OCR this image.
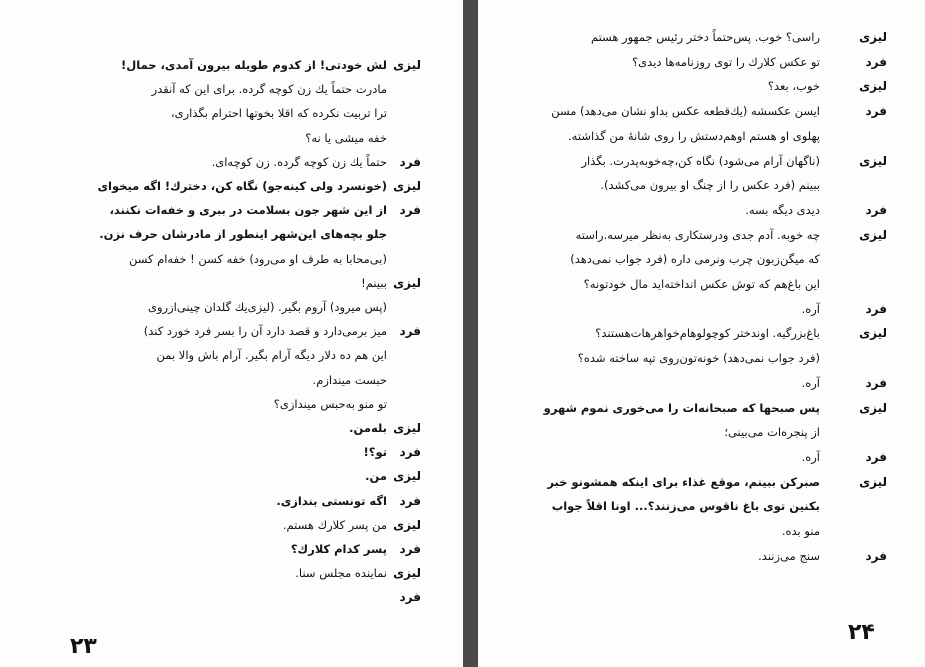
لیزی
لش خودتی! از کدوم طویله بیرون آمدی، حمال!
مادرت حتماً یك زن کوچه گرده. برای این که آنقدر
ترا تربیت نکرده که اقلا بخوتها احترام بگذاری،
خفه میشی یا نه؟
فرد
حتماً یك زن کوچه گرده. زن کوچه‌ای.
لیزی
(خونسرد ولی کینه‌جو) نگاه کن، دخترك! اگه میخوای
فرد
از این شهر جون بسلامت در ببری و خفه‌ات نکنند،
جلو بچه‌های این‌شهر اینطور از مادرشان حرف نزن.
(بی‌محابا به طرف او می‌رود) خفه کسن ! خفه‌ام کسن
لیزی
ببینم!
(پس میرود) آروم بگیر. (لیزی‌یك گلدان چینی‌ازروی
فرد
میز برمی‌دارد و قصد دارد آن را بسر فرد خورد کند)
این هم ده دلار دیگه آرام بگیر. آرام باش والا بمن
حبست میندازم.
تو منو به‌حبس میندازی؟
لیزی
بله‌من.
فرد
تو؟!
لیزی
من.
فرد
اگه تونستی بندازی.
لیزی
من پسر کلارك هستم.
فرد
پسر کدام کلارك؟
لیزی
نماینده مجلس سنا.
فرد
۲۳
لیزی
راسی؟ خوب. پس‌حتماً دختر رئیس جمهور هستم
فرد
تو عکس کلارك را توی روزنامه‌ها دیدی؟
لیزی
خوب، بعد؟
فرد
ایسن عکسشه (یك‌قطعه عکس بداو نشان می‌دهد) مسن
پهلوی او هستم اوهم‌دستش را روی شانهٔ من گذاشته.
لیزی
(ناگهان آرام می‌شود) نگاه کن،چه‌خوبه‌پدرت. بگذار
ببینم (فرد عکس را از چنگ او بیرون می‌کشد).
فرد
دیدی دیگه بسه.
لیزی
چه خوبه. آدم جدی ودرستکاری به‌نظر میرسه.راسته
که میگن‌زبون چرب ونرمی داره (فرد جواب نمی‌دهد)
این باغ‌هم که توش عکس انداخته‌اید مال خودتونه؟
فرد
آره.
لیزی
باغ‌بزرگیه. اوندختر کوچولو‌هام‌خواهرهات‌هستند؟
(فرد جواب نمی‌دهد) خونه‌تون‌روی تپه ساخته شده؟
فرد
آره.
لیزی
پس صبحها که صبحانه‌ات را می‌خوری نموم شهرو
از پنجره‌ات می‌بینی؛
فرد
آره.
لیزی
صبرکن ببینم، موقع غذاء برای اینکه همشونو خبر
بکنین توی باغ ناقوس می‌زنند؟... اونا اقلاً جواب
منو بده.
فرد
سنج می‌زنند.
۲۴
